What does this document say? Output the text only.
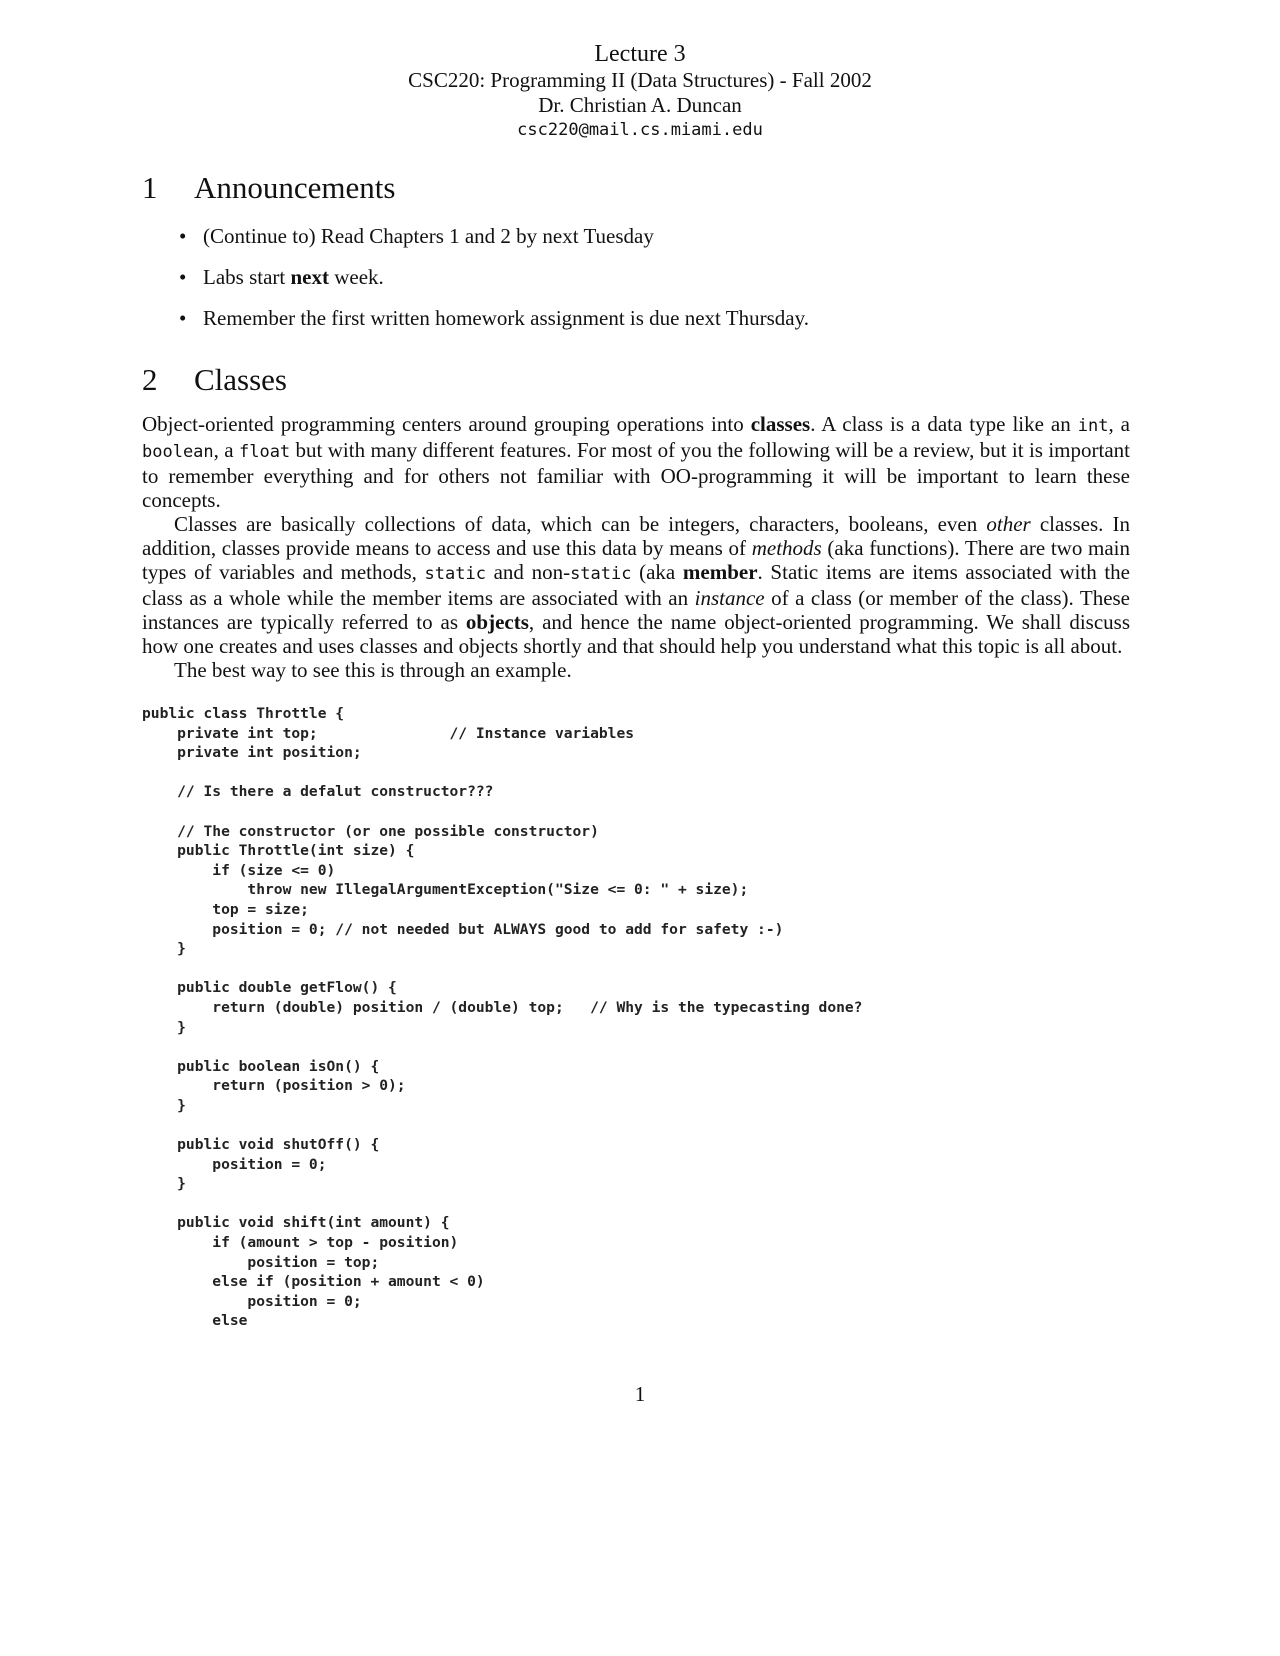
Lecture 3
CSC220: Programming II (Data Structures) - Fall 2002
Dr. Christian A. Duncan
csc220@mail.cs.miami.edu
1	Announcements
• (Continue to) Read Chapters 1 and 2 by next Tuesday
• Labs start next week.
• Remember the first written homework assignment is due next Thursday.
2	Classes

Object-oriented programming centers around grouping operations into classes. A class is a data type like an int, a boolean, a float but with many different features. For most of you the following will be a review, but it is important to remember everything and for others not familiar with OO-programming it will be important to learn these concepts.

Classes are basically collections of data, which can be integers, characters, booleans, even other classes. In addition, classes provide means to access and use this data by means of methods (aka functions). There are two main types of variables and methods, static and non-static (aka member. Static items are items associated with the class as a whole while the member items are associated with an instance of a class (or member of the class). These instances are typically referred to as objects, and hence the name object-oriented programming. We shall discuss how one creates and uses classes and objects shortly and that should help you understand what this topic is all about.

The best way to see this is through an example.

public class Throttle {
private int top;               // Instance variables
private int position;

// Is there a defalut constructor???

// The constructor (or one possible constructor)
public Throttle(int size) {
if (size <= 0)
throw new IllegalArgumentException("Size <= 0: " + size);
top = size;
position = 0; // not needed but ALWAYS good to add for safety :-)
}

public double getFlow() {
return (double) position / (double) top;   // Why is the typecasting done?
}

public boolean isOn() {
return (position > 0);
}

public void shutOff() {
position = 0;
}

public void shift(int amount) {
if (amount > top - position)
position = top;
else if (position + amount < 0)
position = 0;
else
1
